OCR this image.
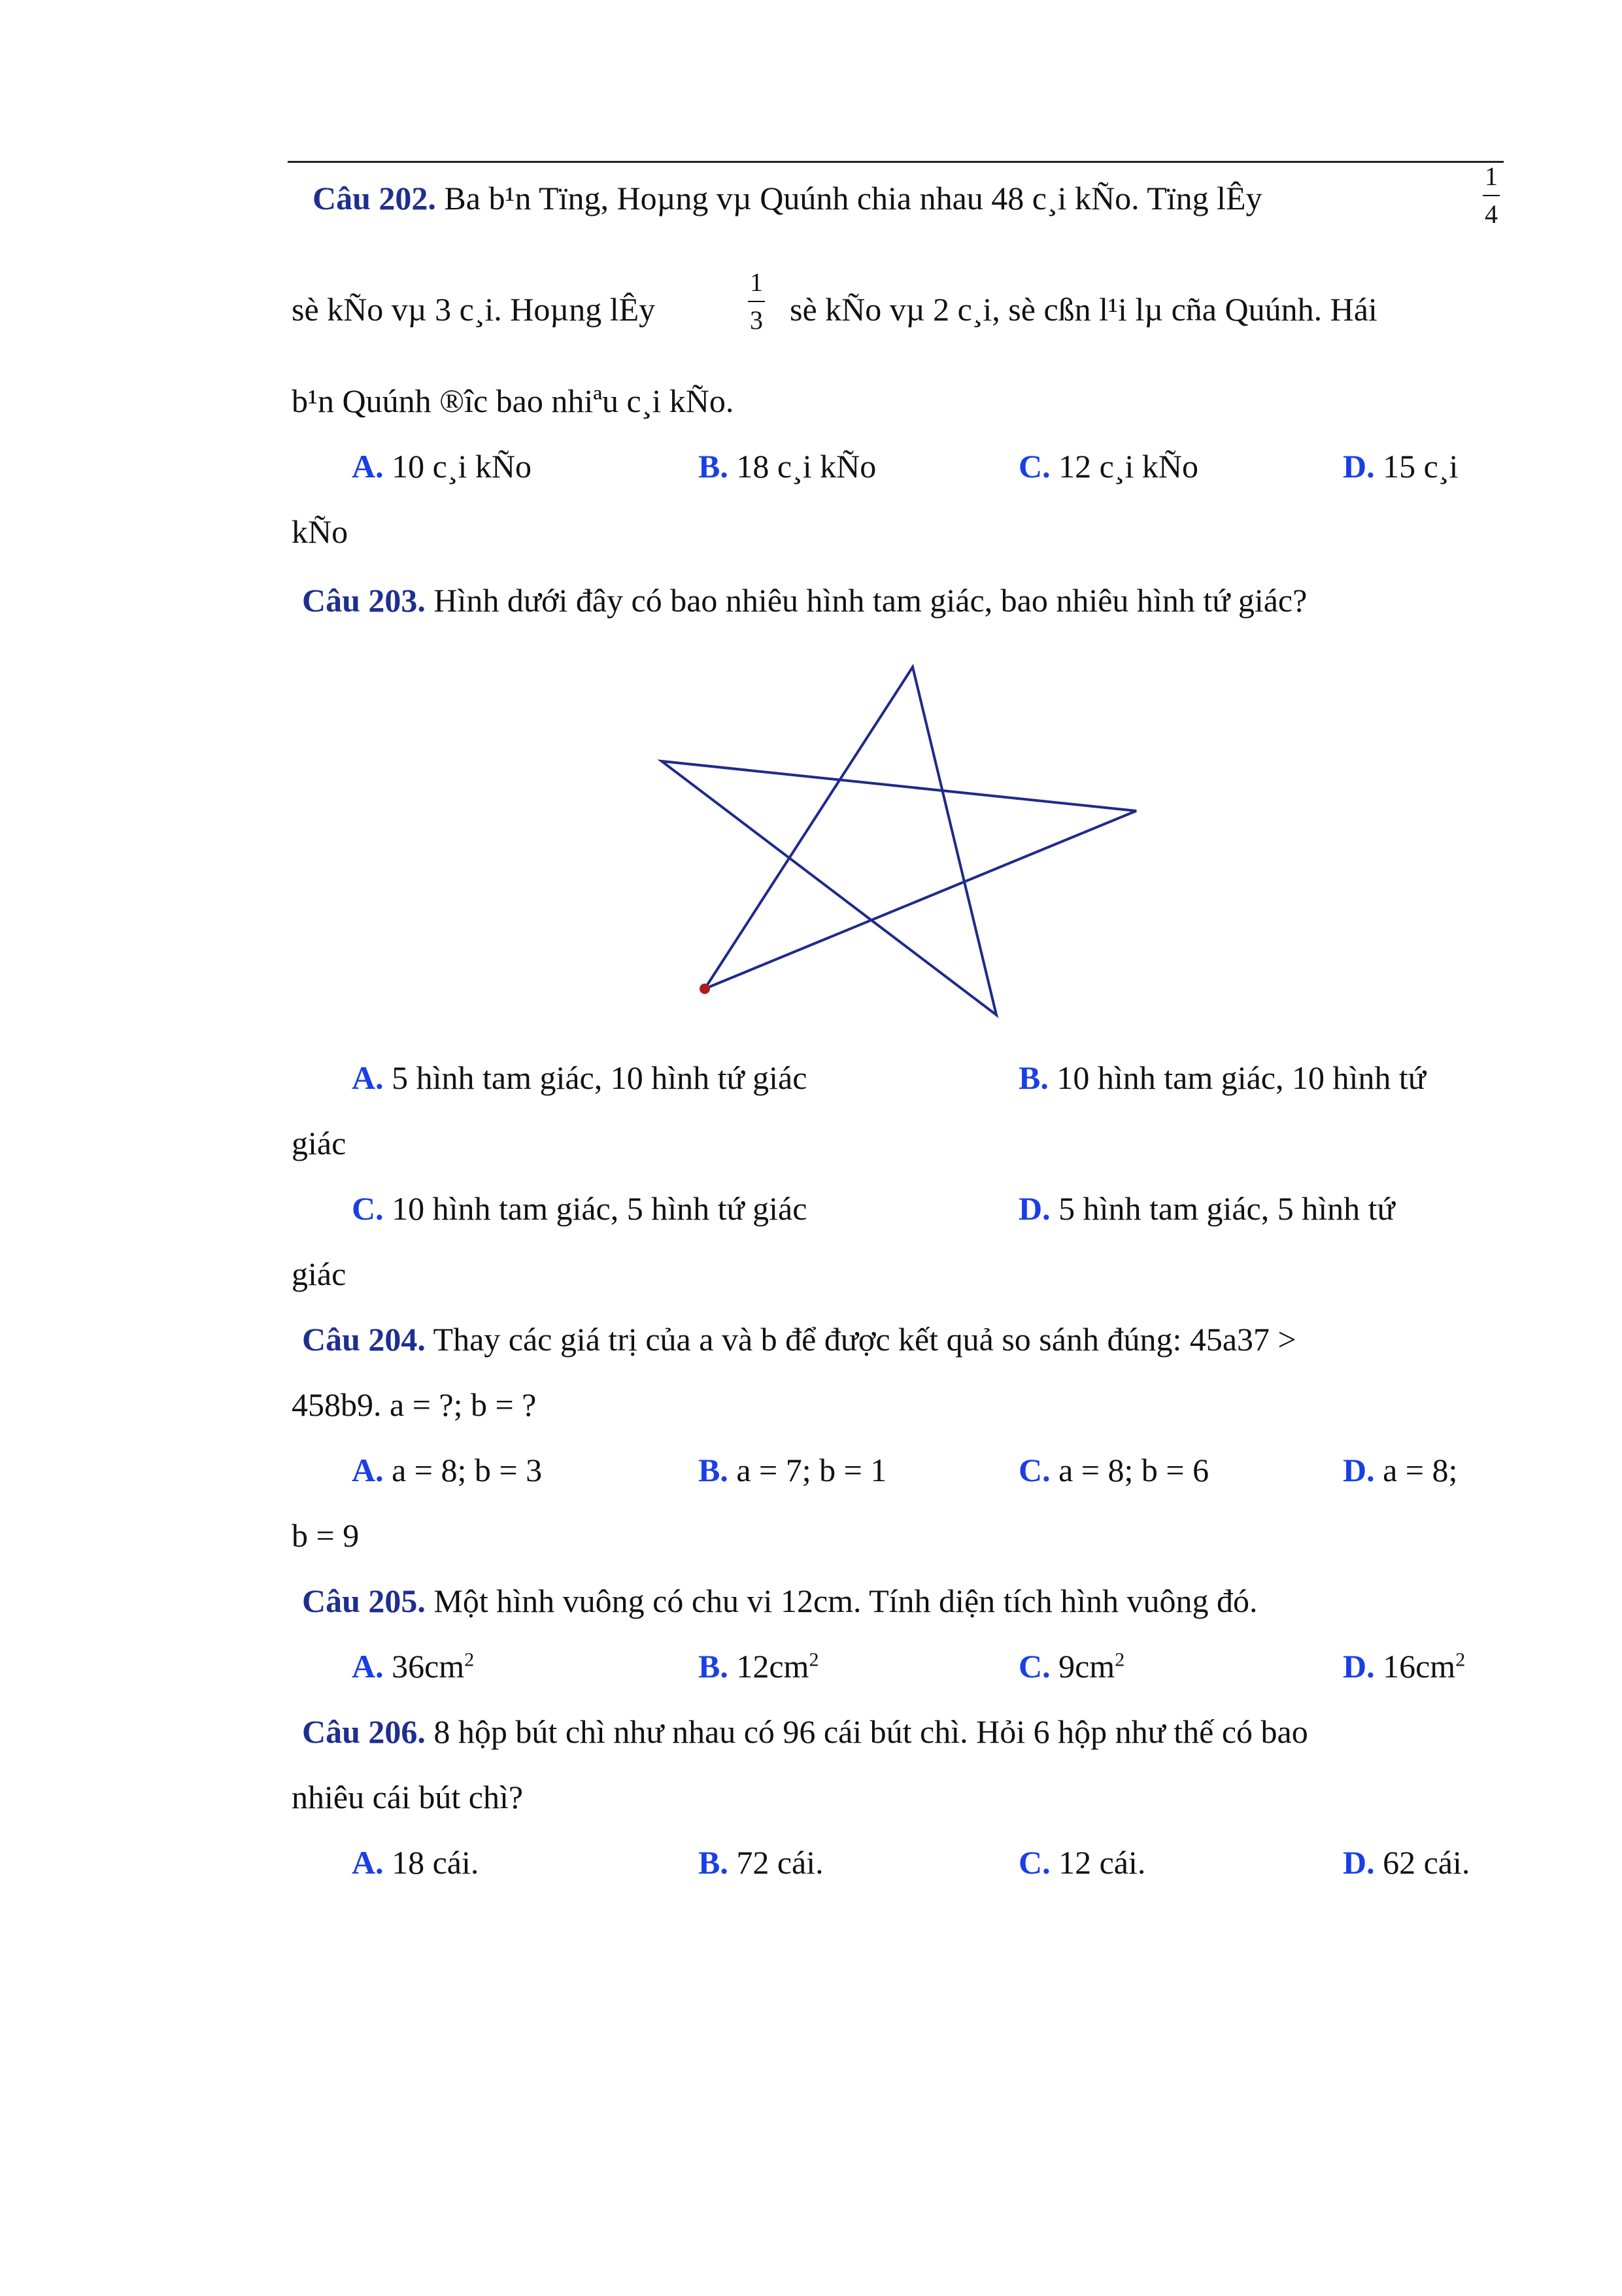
Câu 202. Ba b¹n Tïng, Hoµng vµ Quúnh chia nhau 48 c¸i kÑo. Tïng lÊy
1
4
sè kÑo vµ 3 c¸i. Hoµng lÊy
1
3 sè kÑo vµ 2 c¸i, sè cßn l¹i lµ cña Quúnh. Hái
b¹n Quúnh ®îc bao nhiªu c¸i kÑo.
A. 10 c¸i kÑo	B. 18 c¸i kÑo	C. 12 c¸i kÑo	D. 15 c¸i
kÑo
Câu 203. Hình dưới đây có bao nhiêu hình tam giác, bao nhiêu hình tứ giác?
A. 5 hình tam giác, 10 hình tứ giác	B. 10 hình tam giác, 10 hình tứ
giác
C. 10 hình tam giác, 5 hình tứ giác	D. 5 hình tam giác, 5 hình tứ
giác
Câu 204. Thay các giá trị của a và b để được kết quả so sánh đúng: 45a37 >
458b9. a = ?; b = ?
A. a = 8; b = 3	B. a = 7; b = 1	C. a = 8; b = 6	D. a = 8;
b = 9
Câu 205. Một hình vuông có chu vi 12cm. Tính diện tích hình vuông đó.
A. $36cm^2$	B. $12cm^2$	C. $9cm^2$	D. $16cm^2$
Câu 206. 8 hộp bút chì như nhau có 96 cái bút chì. Hỏi 6 hộp như thế có bao
nhiêu cái bút chì?
A. 18 cái.	B. 72 cái.	C. 12 cái.	D. 62 cái.
